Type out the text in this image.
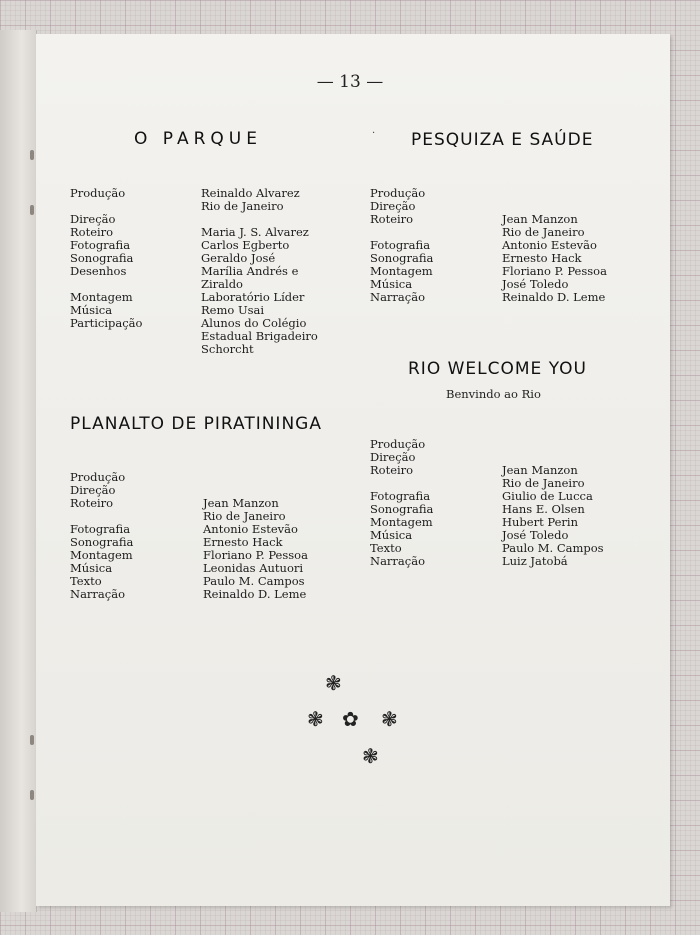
— 13 —
O PARQUE	· PESQUIZA E SAÚDE
Produção	Reinaldo Alvarez
Rio de Janeiro
Direção
Roteiro	Maria J. S. Alvarez
Fotografia	Carlos Egberto
Sonografia	Geraldo José
Desenhos	Marília Andrés e
Ziraldo
Montagem	Laboratório Líder
Música	Remo Usai
Participação	Alunos do Colégio
Estadual Brigadeiro
Schorcht
Produção
Direção
Roteiro	Jean Manzon
Rio de Janeiro
Fotografia	Antonio Estevão
Sonografia	Ernesto Hack
Montagem	Floriano P. Pessoa
Música	José Toledo
Narração	Reinaldo D. Leme
RIO WELCOME YOU
Benvindo ao Rio
PLANALTO DE PIRATININGA
Produção
Direção
Roteiro	Jean Manzon
Rio de Janeiro
Fotografia	Antonio Estevão
Sonografia	Ernesto Hack
Montagem	Floriano P. Pessoa
Música	Leonidas Autuori
Texto	Paulo M. Campos
Narração	Reinaldo D. Leme
Produção
Direção
Roteiro	Jean Manzon
Rio de Janeiro
Fotografia	Giulio de Lucca
Sonografia	Hans E. Olsen
Montagem	Hubert Perin
Música	José Toledo
Texto	Paulo M. Campos
Narração	Luiz Jatobá
❃
❃ ✿ ❃
❃
